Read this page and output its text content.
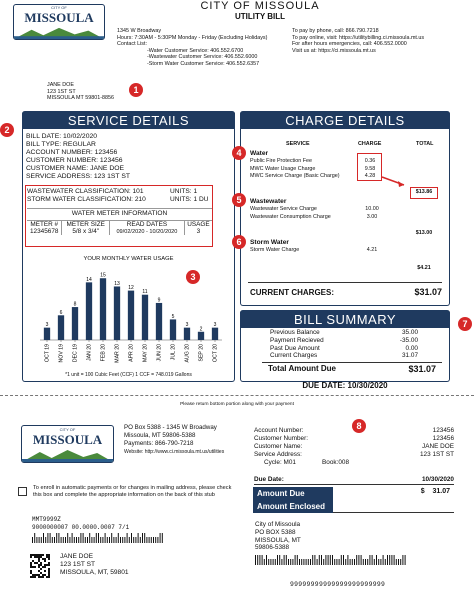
CITY OF
MISSOULA
CITY OF MISSOULA
UTILITY BILL
1345 W Broadway
Hours: 7:30AM - 5:30PM Monday - Friday (Excluding Holidays)
Contact List:
-Water Customer Service: 406.552.6700
-Wastewater Customer Service: 406.552.6000
-Storm Water Customer Service: 406.552.6357
To pay by phone, call: 866.790.7218
To pay online, visit: https://utilitybilling.ci.missoula.mt.us
For after hours emergencies, call: 406.552.0000
Visit us at: https://ci.missoula.mt.us
JANE DOE
123 1ST ST
MISSOULA MT 59801-8856
1
2
SERVICE DETAILS
BILL DATE: 10/02/2020
BILL TYPE: REGULAR
ACCOUNT NUMBER: 123456
CUSTOMER NUMBER: 123456
CUSTOMER NAME: JANE DOE
SERVICE ADDRESS: 123 1ST ST
WASTEWATER CLASSIFICATION: 101	UNITS: 1
STORM WATER CLASSIFICATION: 210	UNITS: 1 DU
WATER METER INFORMATION
METER #	METER SIZE	READ DATES	USAGE
12345678	5/8 x 3/4"	09/02/2020 - 10/20/2020	3
YOUR MONTHLY WATER USAGE
3
OCT 19
6
NOV 19
8
DEC 19
14
JAN 20
15
FEB 20
13
MAR 20
12
APR 20
11
MAY 20
9
JUN 20
5
JUL 20
3
AUG 20
2
SEP 20
3
OCT 20
3
*1 unit = 100 Cubic Feet (CCF) 1 CCF = 748.019 Gallons
CHARGE DETAILS
SERVICE	CHARGE	TOTAL
4	Water
Public Fire Protection Fee	0.36
MWC Water Usage Charge	9.58
MWC Service Charge (Basic Charge)	4.28
$13.86
5	Wastewater
Wastewater Service Charge	10.00
Wastewater Consumption Charge	3.00
$13.00
6	Storm Water
Storm Water Charge	4.21
$4.21
CURRENT CHARGES:	$31.07
BILL SUMMARY	7
Previous Balance	35.00
Payment Recieved	-35.00
Past Due Amount	0.00
Current Charges	31.07
Total Amount Due	$31.07
DUE DATE: 10/30/2020
Please return bottom portion along with your payment
CITY OF
MISSOULA
PO Box 5388 - 1345 W Broadway
Missoula, MT 59806-5388
Payments: 866-790-7218
Website: http://www.ci.missoula.mt.us/utilities
8
Account Number:	123456
Customer Number:	123456
Customer Name:	JANE DOE
Service Address:	123 1ST ST
Cycle: M01	Book:008
Due Date:	10/30/2020
Amount Due	$    31.07
Amount Enclosed
To enroll in automatic payments or for changes in mailing address, please check this box and complete the appropriate information on the back of this stub
MMT9999Z
9000000007 00.0000.0007 7/1	City of Missoula
PO BOX 5388
MISSOULA, MT
59806-5388
JANE DOE
123 1ST ST
MISSOULA, MT, 59801
99999999999999999999999
